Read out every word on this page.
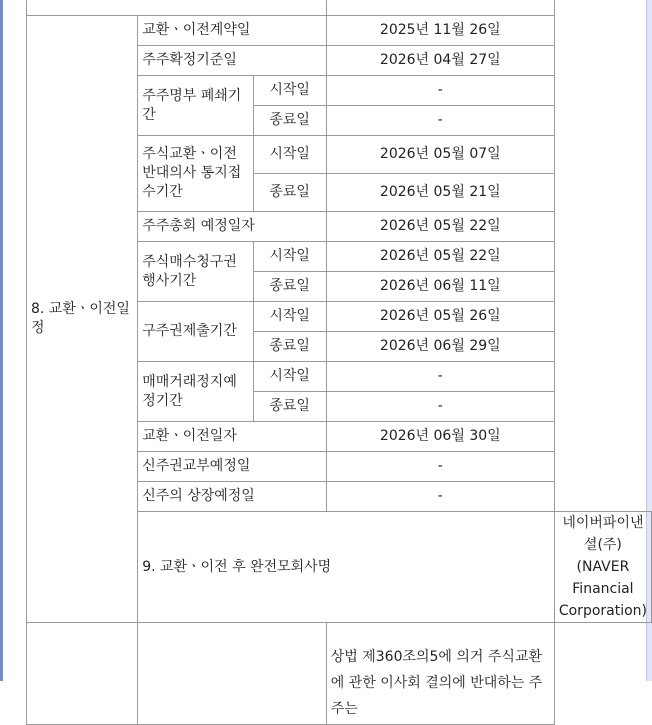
8. 교환ㆍ이전일정	교환ㆍ이전계약일		2025년 11월 26일	
	주주확정기준일		2026년 04월 27일	
	주주명부 폐쇄기간	시작일	-	
		종료일	-	
	주식교환ㆍ이전 반대의사 통지접수기간	시작일	2026년 05월 07일	
		종료일	2026년 05월 21일	
	주주총회 예정일자		2026년 05월 22일	
	주식매수청구권 행사기간	시작일	2026년 05월 22일	
		종료일	2026년 06월 11일	
	구주권제출기간	시작일	2026년 05월 26일	
		종료일	2026년 06월 29일	
	매매거래정지예정기간	시작일	-	
		종료일	-	
	교환ㆍ이전일자		2026년 06월 30일	
	신주권교부예정일		-	
	신주의 상장예정일		-	
	9. 교환ㆍ이전 후 완전모회사명			네이버파이낸셜(주)
(NAVER Financial Corporation)

			상법 제360조의5에 의거 주식교환에 관한 이사회 결의에 반대하는 주주는	
